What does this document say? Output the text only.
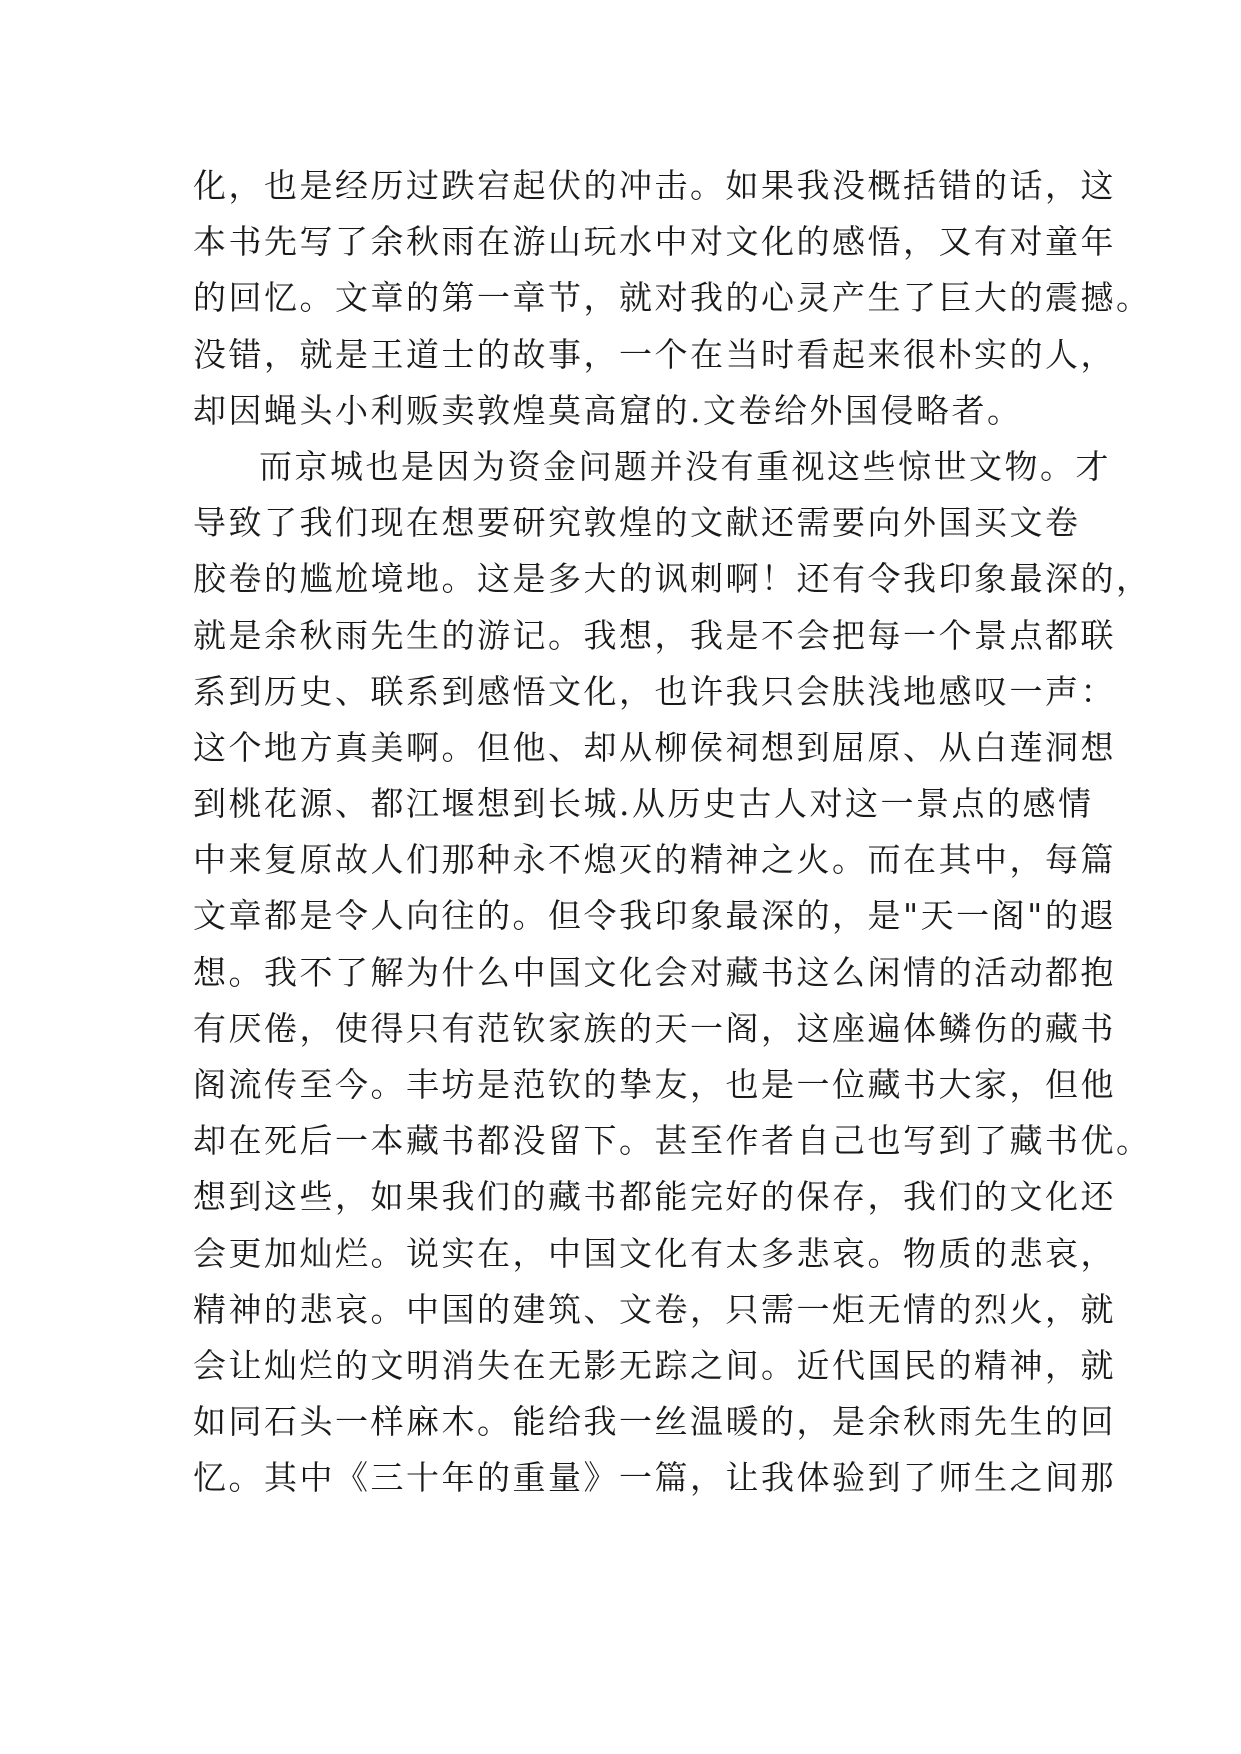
化，也是经历过跌宕起伏的冲击。如果我没概括错的话，这
本书先写了余秋雨在游山玩水中对文化的感悟，又有对童年
的回忆。文章的第一章节，就对我的心灵产生了巨大的震撼。
没错，就是王道士的故事，一个在当时看起来很朴实的人，
却因蝇头小利贩卖敦煌莫高窟的.文卷给外国侵略者。
而京城也是因为资金问题并没有重视这些惊世文物。才
导致了我们现在想要研究敦煌的文献还需要向外国买文卷
胶卷的尴尬境地。这是多大的讽刺啊！还有令我印象最深的，
就是余秋雨先生的游记。我想，我是不会把每一个景点都联
系到历史、联系到感悟文化，也许我只会肤浅地感叹一声：
这个地方真美啊。但他、却从柳侯祠想到屈原、从白莲洞想
到桃花源、都江堰想到长城.从历史古人对这一景点的感情
中来复原故人们那种永不熄灭的精神之火。而在其中，每篇
文章都是令人向往的。但令我印象最深的，是"天一阁"的遐
想。我不了解为什么中国文化会对藏书这么闲情的活动都抱
有厌倦，使得只有范钦家族的天一阁，这座遍体鳞伤的藏书
阁流传至今。丰坊是范钦的挚友，也是一位藏书大家，但他
却在死后一本藏书都没留下。甚至作者自己也写到了藏书优。
想到这些，如果我们的藏书都能完好的保存，我们的文化还
会更加灿烂。说实在，中国文化有太多悲哀。物质的悲哀，
精神的悲哀。中国的建筑、文卷，只需一炬无情的烈火，就
会让灿烂的文明消失在无影无踪之间。近代国民的精神，就
如同石头一样麻木。能给我一丝温暖的，是余秋雨先生的回
忆。其中《三十年的重量》一篇，让我体验到了师生之间那
